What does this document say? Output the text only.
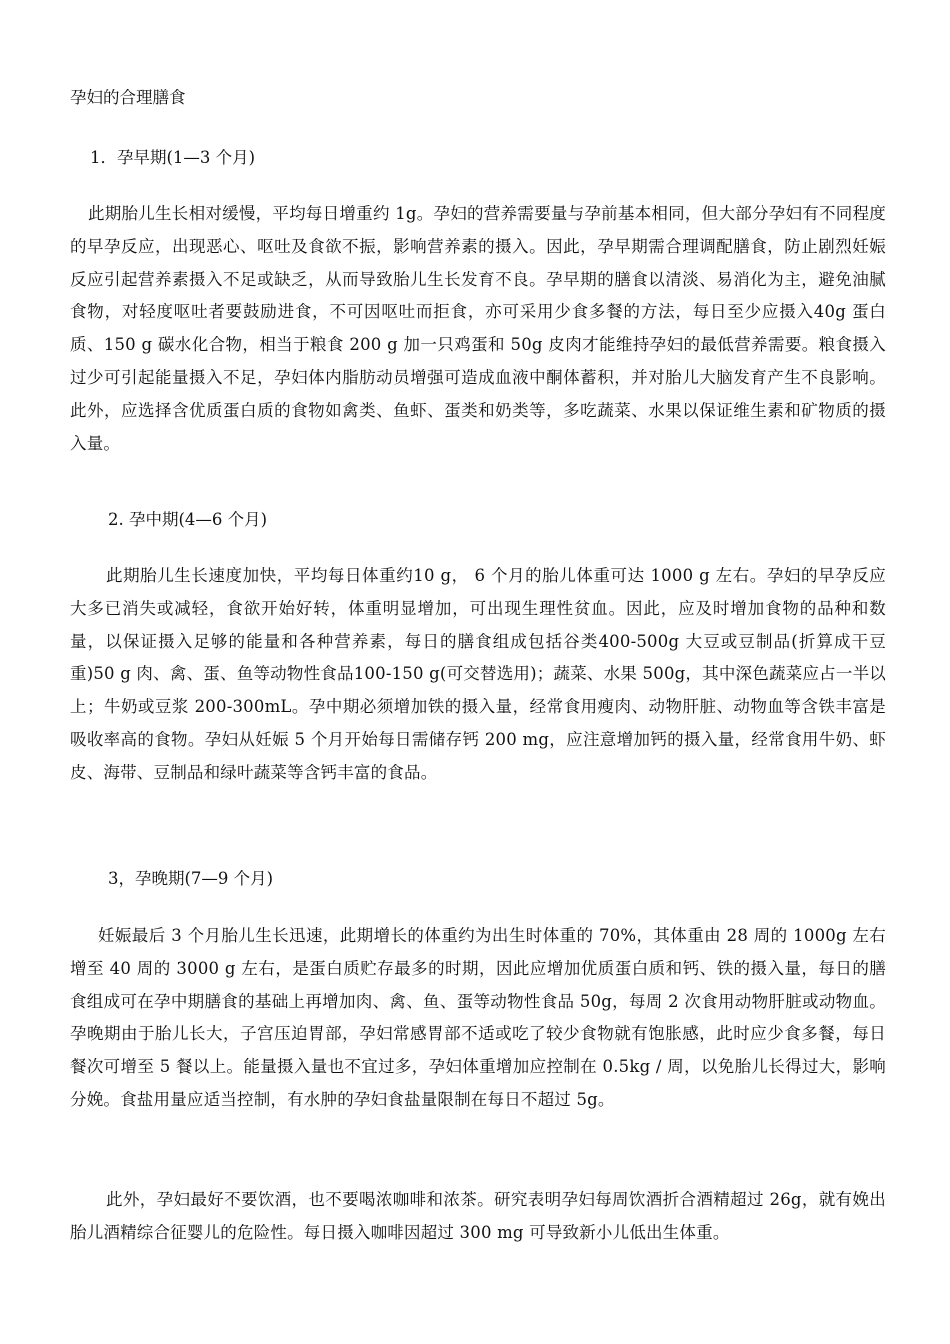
孕妇的合理膳食
1．孕早期(1—3 个月)

此期胎儿生长相对缓慢，平均每日增重约 1g。孕妇的营养需要量与孕前基本相同，但大部分孕妇有不同程度的早孕反应，出现恶心、呕吐及食欲不振，影响营养素的摄入。因此，孕早期需合理调配膳食，防止剧烈妊娠反应引起营养素摄入不足或缺乏，从而导致胎儿生长发育不良。孕早期的膳食以清淡、易消化为主，避免油腻食物，对轻度呕吐者要鼓励进食，不可因呕吐而拒食，亦可采用少食多餐的方法，每日至少应摄入40g 蛋白质、150 g 碳水化合物，相当于粮食 200 g 加一只鸡蛋和 50g 皮肉才能维持孕妇的最低营养需要。粮食摄入过少可引起能量摄入不足，孕妇体内脂肪动员增强可造成血液中酮体蓄积，并对胎儿大脑发育产生不良影响。此外，应选择含优质蛋白质的食物如禽类、鱼虾、蛋类和奶类等，多吃蔬菜、水果以保证维生素和矿物质的摄入量。

2. 孕中期(4—6 个月)

此期胎儿生长速度加快，平均每日体重约10 g， 6 个月的胎儿体重可达 1000 g 左右。孕妇的早孕反应大多已消失或减轻，食欲开始好转，体重明显增加，可出现生理性贫血。因此，应及时增加食物的品种和数量，以保证摄入足够的能量和各种营养素，每日的膳食组成包括谷类400-500g 大豆或豆制品(折算成干豆重)50 g 肉、禽、蛋、鱼等动物性食品100-150 g(可交替选用)；蔬菜、水果 500g，其中深色蔬菜应占一半以上；牛奶或豆浆 200-300mL。孕中期必须增加铁的摄入量，经常食用瘦肉、动物肝脏、动物血等含铁丰富是吸收率高的食物。孕妇从妊娠 5 个月开始每日需储存钙 200 mg，应注意增加钙的摄入量，经常食用牛奶、虾皮、海带、豆制品和绿叶蔬菜等含钙丰富的食品。

3，孕晚期(7—9 个月)

妊娠最后 3 个月胎儿生长迅速，此期增长的体重约为出生时体重的 70%，其体重由 28 周的 1000g 左右增至 40 周的 3000 g 左右，是蛋白质贮存最多的时期，因此应增加优质蛋白质和钙、铁的摄入量，每日的膳食组成可在孕中期膳食的基础上再增加肉、禽、鱼、蛋等动物性食品 50g，每周 2 次食用动物肝脏或动物血。孕晚期由于胎儿长大，子宫压迫胃部，孕妇常感胃部不适或吃了较少食物就有饱胀感，此时应少食多餐，每日餐次可增至 5 餐以上。能量摄入量也不宜过多，孕妇体重增加应控制在 0.5kg / 周，以免胎儿长得过大，影响分娩。食盐用量应适当控制，有水肿的孕妇食盐量限制在每日不超过 5g。

此外，孕妇最好不要饮酒，也不要喝浓咖啡和浓茶。研究表明孕妇每周饮酒折合酒精超过 26g，就有娩出胎儿酒精综合征婴儿的危险性。每日摄入咖啡因超过 300 mg 可导致新小儿低出生体重。
